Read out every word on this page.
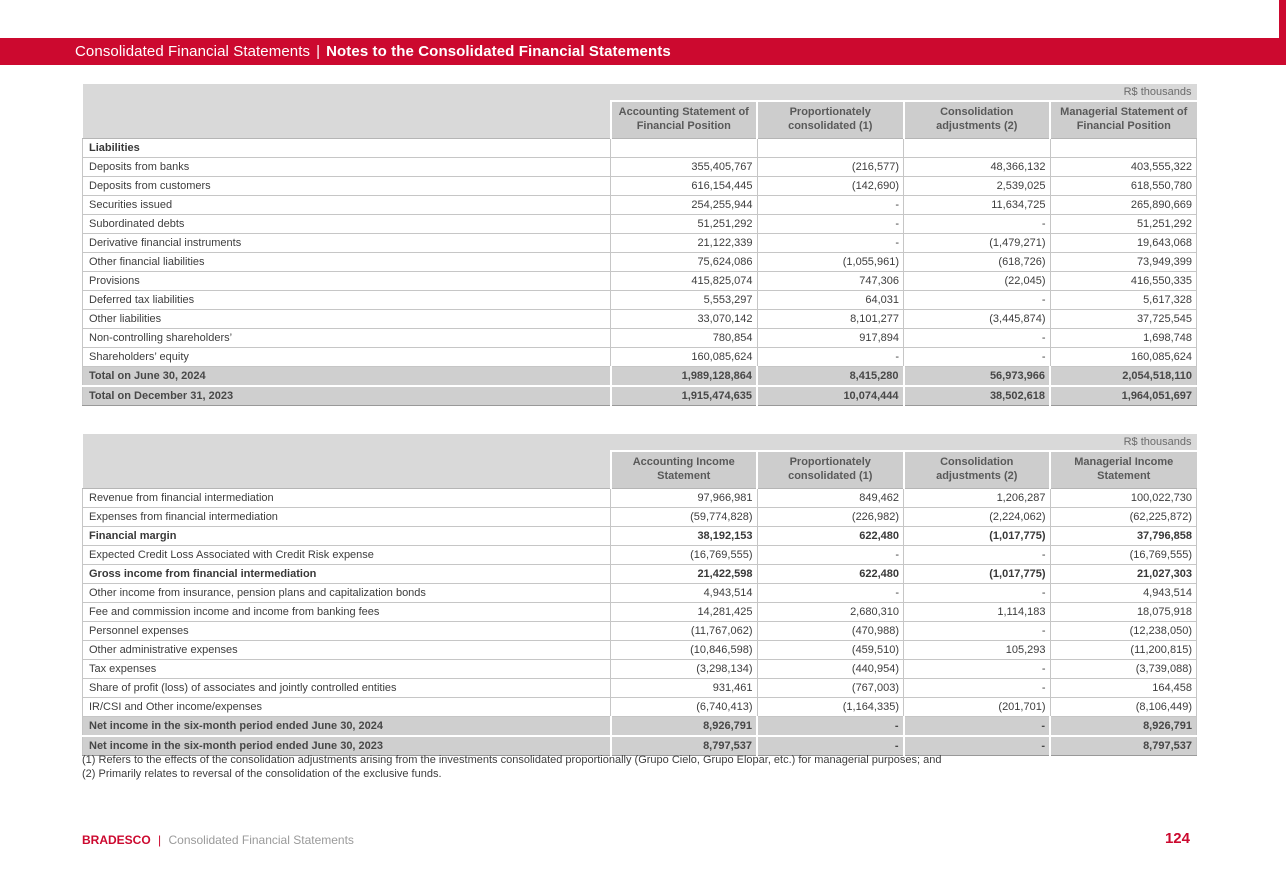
Consolidated Financial Statements | Notes to the Consolidated Financial Statements
R$ thousands				
	Accounting Statement of Financial Position	Proportionately consolidated (1)	Consolidation adjustments (2)	Managerial Statement of Financial Position
Liabilities				
Deposits from banks	355,405,767	(216,577)	48,366,132	403,555,322
Deposits from customers	616,154,445	(142,690)	2,539,025	618,550,780
Securities issued	254,255,944	-	11,634,725	265,890,669
Subordinated debts	51,251,292	-	-	51,251,292
Derivative financial instruments	21,122,339	-	(1,479,271)	19,643,068
Other financial liabilities	75,624,086	(1,055,961)	(618,726)	73,949,399
Provisions	415,825,074	747,306	(22,045)	416,550,335
Deferred tax liabilities	5,553,297	64,031	-	5,617,328
Other liabilities	33,070,142	8,101,277	(3,445,874)	37,725,545
Non-controlling shareholders’	780,854	917,894	-	1,698,748
Shareholders’ equity	160,085,624	-	-	160,085,624
Total on June 30, 2024	1,989,128,864	8,415,280	56,973,966	2,054,518,110
Total on December 31, 2023	1,915,474,635	10,074,444	38,502,618	1,964,051,697
R$ thousands				
	Accounting Income Statement	Proportionately consolidated (1)	Consolidation adjustments (2)	Managerial Income Statement
Revenue from financial intermediation	97,966,981	849,462	1,206,287	100,022,730
Expenses from financial intermediation	(59,774,828)	(226,982)	(2,224,062)	(62,225,872)
Financial margin	38,192,153	622,480	(1,017,775)	37,796,858
Expected Credit Loss Associated with Credit Risk expense	(16,769,555)	-	-	(16,769,555)
Gross income from financial intermediation	21,422,598	622,480	(1,017,775)	21,027,303
Other income from insurance, pension plans and capitalization bonds	4,943,514	-	-	4,943,514
Fee and commission income and income from banking fees	14,281,425	2,680,310	1,114,183	18,075,918
Personnel expenses	(11,767,062)	(470,988)	-	(12,238,050)
Other administrative expenses	(10,846,598)	(459,510)	105,293	(11,200,815)
Tax expenses	(3,298,134)	(440,954)	-	(3,739,088)
Share of profit (loss) of associates and jointly controlled entities	931,461	(767,003)	-	164,458
IR/CSI and Other income/expenses	(6,740,413)	(1,164,335)	(201,701)	(8,106,449)
Net income in the six-month period ended June 30, 2024	8,926,791	-	-	8,926,791
Net income in the six-month period ended June 30, 2023	8,797,537	-	-	8,797,537
(1) Refers to the effects of the consolidation adjustments arising from the investments consolidated proportionally (Grupo Cielo, Grupo Elopar, etc.) for managerial purposes; and
(2) Primarily relates to reversal of the consolidation of the exclusive funds.
BRADESCO | Consolidated Financial Statements	124
